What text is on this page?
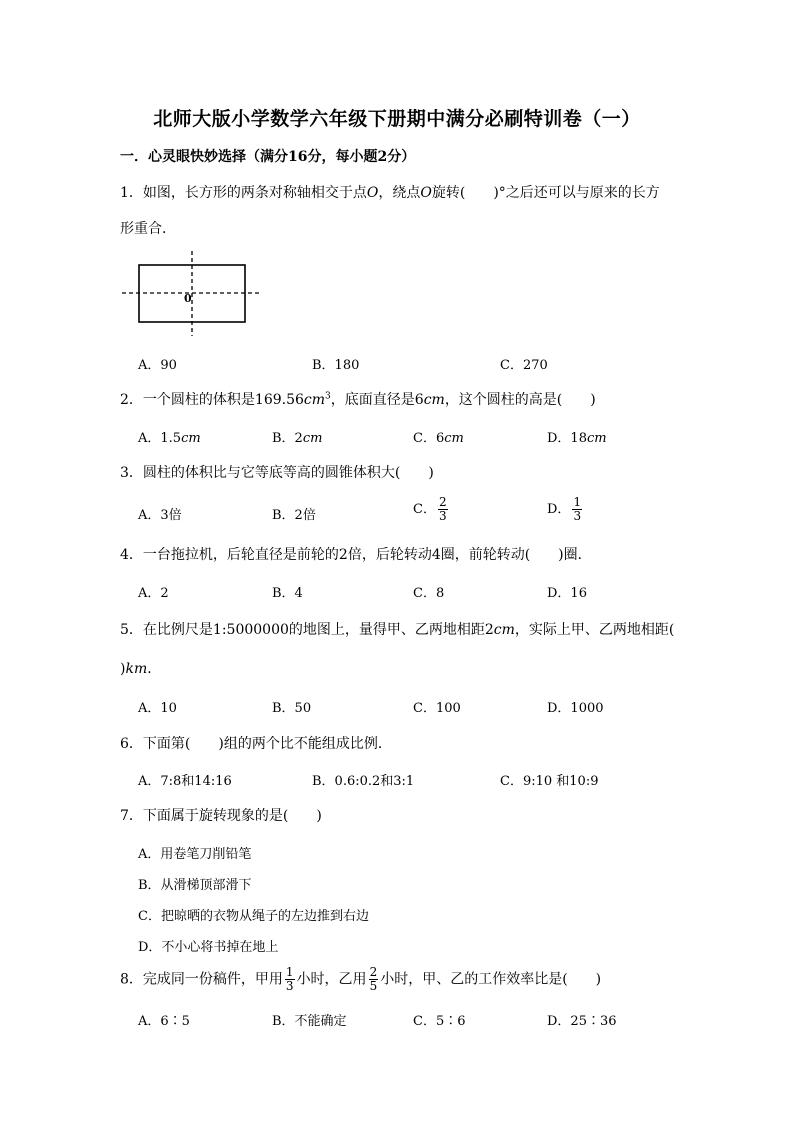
北师大版小学数学六年级下册期中满分必刷特训卷（一）
一．心灵眼快妙选择（满分16分，每小题2分）
1．如图，长方形的两条对称轴相交于点O，绕点O旋转(　　)°之后还可以与原来的长方
形重合．
0
A．90	B．180	C．270
2．一个圆柱的体积是$169.56cm^3$，底面直径是6cm，这个圆柱的高是(　　)
A．1.5cm	B．2cm	C．6cm	D．18cm
3．圆柱的体积比与它等底等高的圆锥体积大(　　)
A．3倍	B．2倍	C． $\frac{2}{3}$	D． $\frac{1}{3}$
4．一台拖拉机，后轮直径是前轮的2倍，后轮转动4圈，前轮转动(　　)圈．
A．2	B．4	C．8	D．16
5．在比例尺是1:5000000的地图上，量得甲、乙两地相距2cm，实际上甲、乙两地相距(
)km．
A．10	B．50	C．100	D．1000
6．下面第(　　)组的两个比不能组成比例．
A．7:8和14:16	B．0.6:0.2和3:1	C．9:10 和10:9
7．下面属于旋转现象的是(　　)
A．用卷笔刀削铅笔
B．从滑梯顶部滑下
C．把晾晒的衣物从绳子的左边推到右边
D．不小心将书掉在地上
8．完成同一份稿件，甲用 $\frac{1}{3}$ 小时，乙用 $\frac{2}{5}$ 小时，甲、乙的工作效率比是(　　)
A．6∶5	B．不能确定	C．5∶6	D．25∶36
